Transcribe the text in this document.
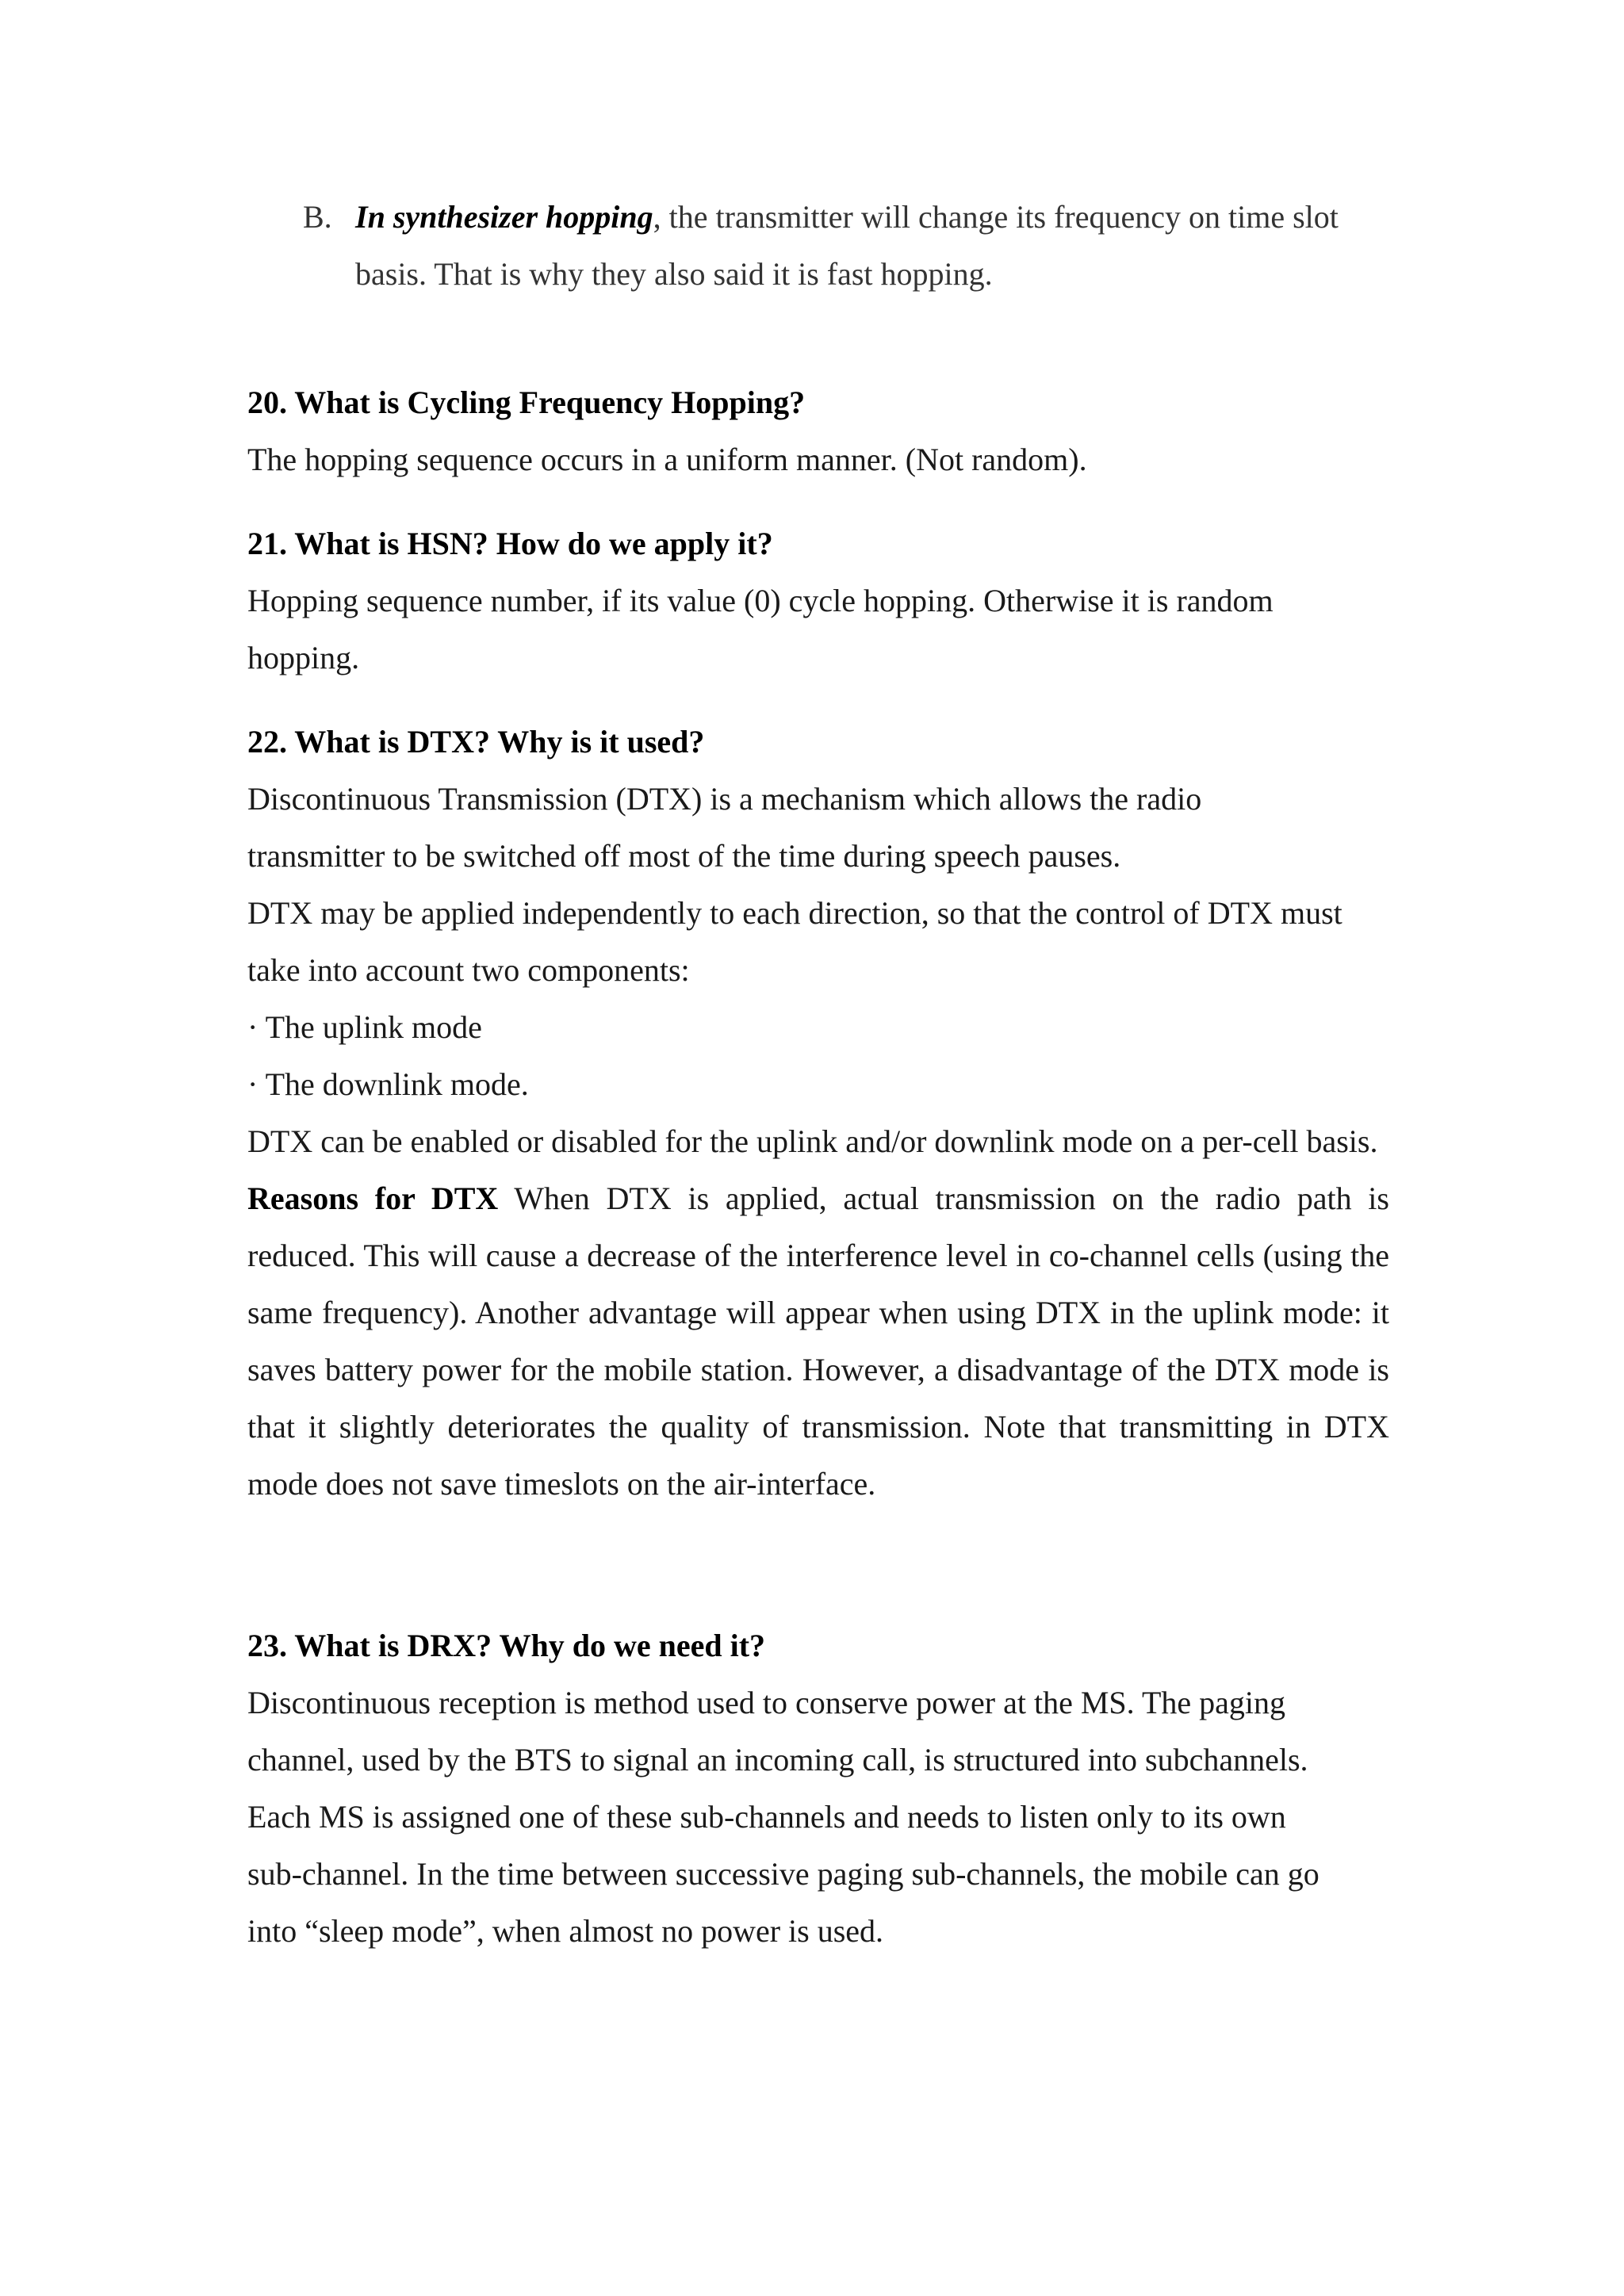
B. In synthesizer hopping, the transmitter will change its frequency on time slot
basis. That is why they also said it is fast hopping.
20. What is Cycling Frequency Hopping?
The hopping sequence occurs in a uniform manner. (Not random).
21. What is HSN? How do we apply it?
Hopping sequence number, if its value (0) cycle hopping. Otherwise it is random
hopping.
22. What is DTX? Why is it used?
Discontinuous Transmission (DTX) is a mechanism which allows the radio
transmitter to be switched off most of the time during speech pauses.
DTX may be applied independently to each direction, so that the control of DTX must
take into account two components:
· The uplink mode
· The downlink mode.

DTX can be enabled or disabled for the uplink and/or downlink mode on a per-cell basis.

Reasons for DTX When DTX is applied, actual transmission on the radio path is reduced. This will cause a decrease of the interference level in co-channel cells (using the same frequency). Another advantage will appear when using DTX in the uplink mode: it saves battery power for the mobile station. However, a disadvantage of the DTX mode is that it slightly deteriorates the quality of transmission. Note that transmitting in DTX mode does not save timeslots on the air-interface.

23. What is DRX? Why do we need it?
Discontinuous reception is method used to conserve power at the MS. The paging
channel, used by the BTS to signal an incoming call, is structured into subchannels.
Each MS is assigned one of these sub-channels and needs to listen only to its own
sub-channel. In the time between successive paging sub-channels, the mobile can go
into “sleep mode”, when almost no power is used.
